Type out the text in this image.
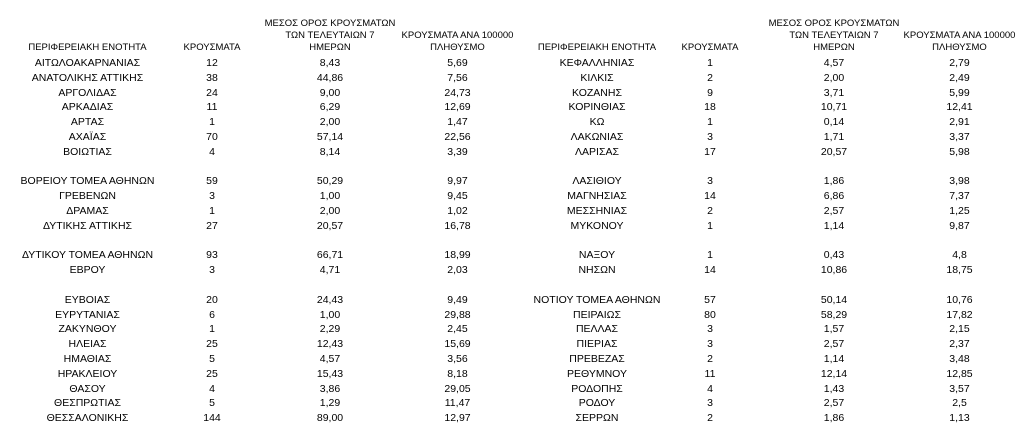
ΠΕΡΙΦΕΡΕΙΑΚΗ ΕΝΟΤΗΤΑ	ΚΡΟΥΣΜΑΤΑ
ΜΕΣΟΣ ΟΡΟΣ ΚΡΟΥΣΜΑΤΩΝ
ΤΩΝ ΤΕΛΕΥΤΑΙΩΝ 7
ΗΜΕΡΩΝ
ΚΡΟΥΣΜΑΤΑ ΑΝΑ 100000
ΠΛΗΘΥΣΜΟ
ΑΙΤΩΛΟΑΚΑΡΝΑΝΙΑΣ	12	8,43	5,69
ΑΝΑΤΟΛΙΚΗΣ ΑΤΤΙΚΗΣ	38	44,86	7,56
ΑΡΓΟΛΙΔΑΣ	24	9,00	24,73
ΑΡΚΑΔΙΑΣ	11	6,29	12,69
ΑΡΤΑΣ	1	2,00	1,47
ΑΧΑΪΑΣ	70	57,14	22,56
ΒΟΙΩΤΙΑΣ	4	8,14	3,39
ΒΟΡΕΙΟΥ ΤΟΜΕΑ ΑΘΗΝΩΝ	59	50,29	9,97
ΓΡΕΒΕΝΩΝ	3	1,00	9,45
ΔΡΑΜΑΣ	1	2,00	1,02
ΔΥΤΙΚΗΣ ΑΤΤΙΚΗΣ	27	20,57	16,78
ΔΥΤΙΚΟΥ ΤΟΜΕΑ ΑΘΗΝΩΝ	93	66,71	18,99
ΕΒΡΟΥ	3	4,71	2,03
ΕΥΒΟΙΑΣ	20	24,43	9,49
ΕΥΡΥΤΑΝΙΑΣ	6	1,00	29,88
ΖΑΚΥΝΘΟΥ	1	2,29	2,45
ΗΛΕΙΑΣ	25	12,43	15,69
ΗΜΑΘΙΑΣ	5	4,57	3,56
ΗΡΑΚΛΕΙΟΥ	25	15,43	8,18
ΘΑΣΟΥ	4	3,86	29,05
ΘΕΣΠΡΩΤΙΑΣ	5	1,29	11,47
ΘΕΣΣΑΛΟΝΙΚΗΣ	144	89,00	12,97
ΠΕΡΙΦΕΡΕΙΑΚΗ ΕΝΟΤΗΤΑ	ΚΡΟΥΣΜΑΤΑ
ΜΕΣΟΣ ΟΡΟΣ ΚΡΟΥΣΜΑΤΩΝ
ΤΩΝ ΤΕΛΕΥΤΑΙΩΝ 7
ΗΜΕΡΩΝ
ΚΡΟΥΣΜΑΤΑ ΑΝΑ 100000
ΠΛΗΘΥΣΜΟ
ΚΕΦΑΛΛΗΝΙΑΣ	1	4,57	2,79
ΚΙΛΚΙΣ	2	2,00	2,49
ΚΟΖΑΝΗΣ	9	3,71	5,99
ΚΟΡΙΝΘΙΑΣ	18	10,71	12,41
ΚΩ	1	0,14	2,91
ΛΑΚΩΝΙΑΣ	3	1,71	3,37
ΛΑΡΙΣΑΣ	17	20,57	5,98
ΛΑΣΙΘΙΟΥ	3	1,86	3,98
ΜΑΓΝΗΣΙΑΣ	14	6,86	7,37
ΜΕΣΣΗΝΙΑΣ	2	2,57	1,25
ΜΥΚΟΝΟΥ	1	1,14	9,87
ΝΑΞΟΥ	1	0,43	4,8
ΝΗΣΩΝ	14	10,86	18,75
ΝΟΤΙΟΥ ΤΟΜΕΑ ΑΘΗΝΩΝ	57	50,14	10,76
ΠΕΙΡΑΙΩΣ	80	58,29	17,82
ΠΕΛΛΑΣ	3	1,57	2,15
ΠΙΕΡΙΑΣ	3	2,57	2,37
ΠΡΕΒΕΖΑΣ	2	1,14	3,48
ΡΕΘΥΜΝΟΥ	11	12,14	12,85
ΡΟΔΟΠΗΣ	4	1,43	3,57
ΡΟΔΟΥ	3	2,57	2,5
ΣΕΡΡΩΝ	2	1,86	1,13
